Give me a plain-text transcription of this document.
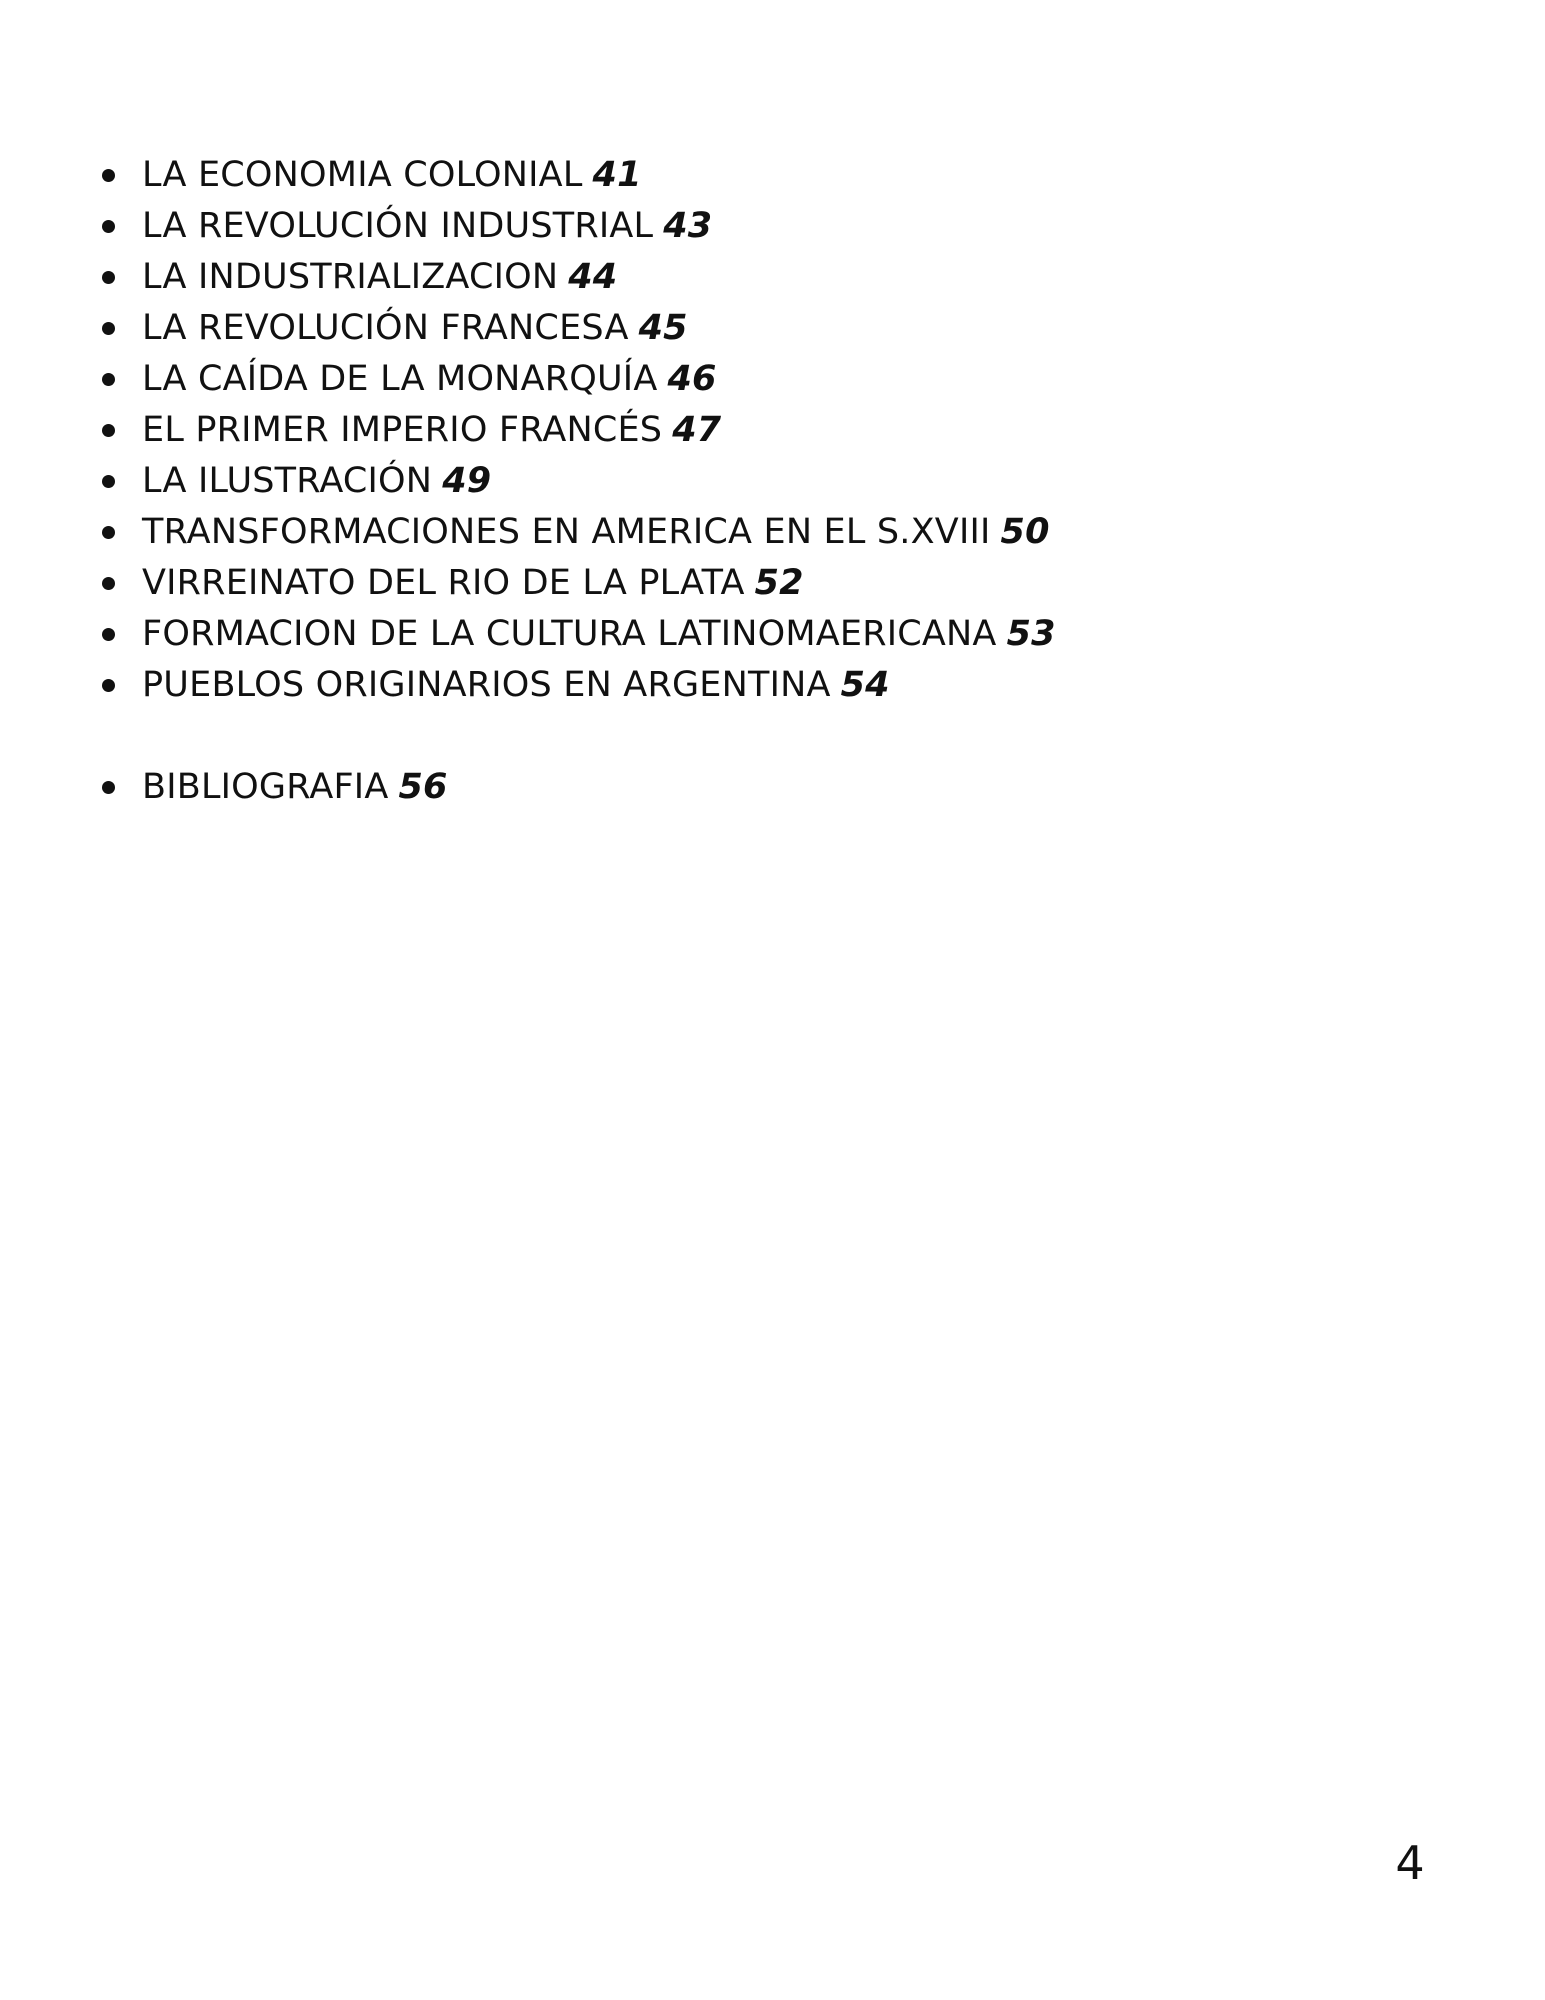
LA ECONOMIA COLONIAL 41
LA REVOLUCIÓN INDUSTRIAL 43
LA INDUSTRIALIZACION 44
LA REVOLUCIÓN FRANCESA 45
LA CAÍDA DE LA MONARQUÍA 46
EL PRIMER IMPERIO FRANCÉS 47
LA ILUSTRACIÓN 49
TRANSFORMACIONES EN AMERICA EN EL S.XVIII 50
VIRREINATO DEL RIO DE LA PLATA 52
FORMACION DE LA CULTURA LATINOMAERICANA 53
PUEBLOS ORIGINARIOS EN ARGENTINA 54
BIBLIOGRAFIA 56
4
